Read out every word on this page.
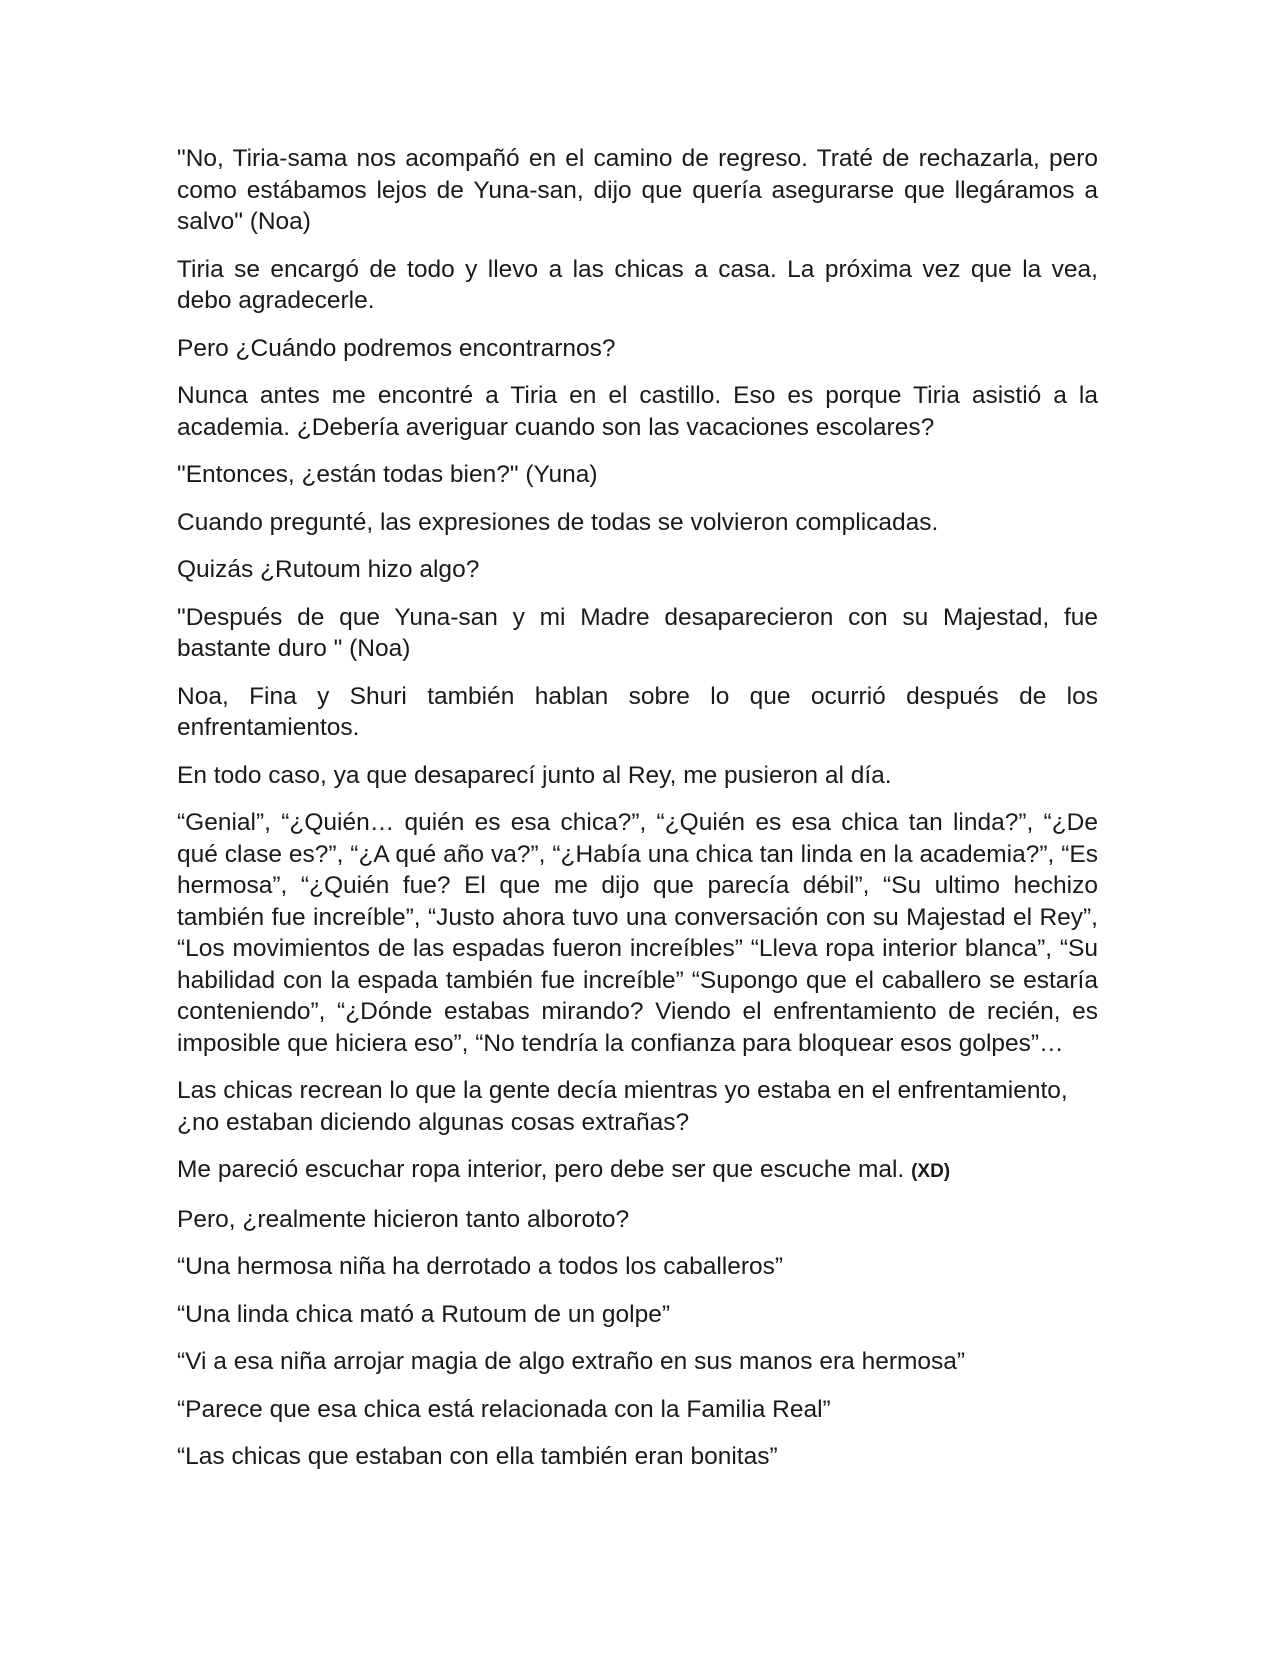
"No, Tiria-sama nos acompañó en el camino de regreso. Traté de rechazarla, pero como estábamos lejos de Yuna-san, dijo que quería asegurarse que llegáramos a salvo" (Noa)

Tiria se encargó de todo y llevo a las chicas a casa. La próxima vez que la vea, debo agradecerle.

Pero ¿Cuándo podremos encontrarnos?

Nunca antes me encontré a Tiria en el castillo. Eso es porque Tiria asistió a la academia. ¿Debería averiguar cuando son las vacaciones escolares?

"Entonces, ¿están todas bien?" (Yuna)

Cuando pregunté, las expresiones de todas se volvieron complicadas.

Quizás ¿Rutoum hizo algo?

"Después de que Yuna-san y mi Madre desaparecieron con su Majestad, fue bastante duro " (Noa)

Noa, Fina y Shuri también hablan sobre lo que ocurrió después de los enfrentamientos.

En todo caso, ya que desaparecí junto al Rey, me pusieron al día.

“Genial”, “¿Quién… quién es esa chica?”, “¿Quién es esa chica tan linda?”, “¿De qué clase es?”, “¿A qué año va?”, “¿Había una chica tan linda en la academia?”, “Es hermosa”, “¿Quién fue? El que me dijo que parecía débil”, “Su ultimo hechizo también fue increíble”, “Justo ahora tuvo una conversación con su Majestad el Rey”, “Los movimientos de las espadas fueron increíbles” “Lleva ropa interior blanca”, “Su habilidad con la espada también fue increíble” “Supongo que el caballero se estaría conteniendo”, “¿Dónde estabas mirando? Viendo el enfrentamiento de recién, es imposible que hiciera eso”, “No tendría la confianza para bloquear esos golpes”…

Las chicas recrean lo que la gente decía mientras yo estaba en el enfrentamiento, ¿no estaban diciendo algunas cosas extrañas?

Me pareció escuchar ropa interior, pero debe ser que escuche mal. (XD)

Pero, ¿realmente hicieron tanto alboroto?

“Una hermosa niña ha derrotado a todos los caballeros”

“Una linda chica mató a Rutoum de un golpe”

“Vi a esa niña arrojar magia de algo extraño en sus manos era hermosa”

“Parece que esa chica está relacionada con la Familia Real”

“Las chicas que estaban con ella también eran bonitas”
